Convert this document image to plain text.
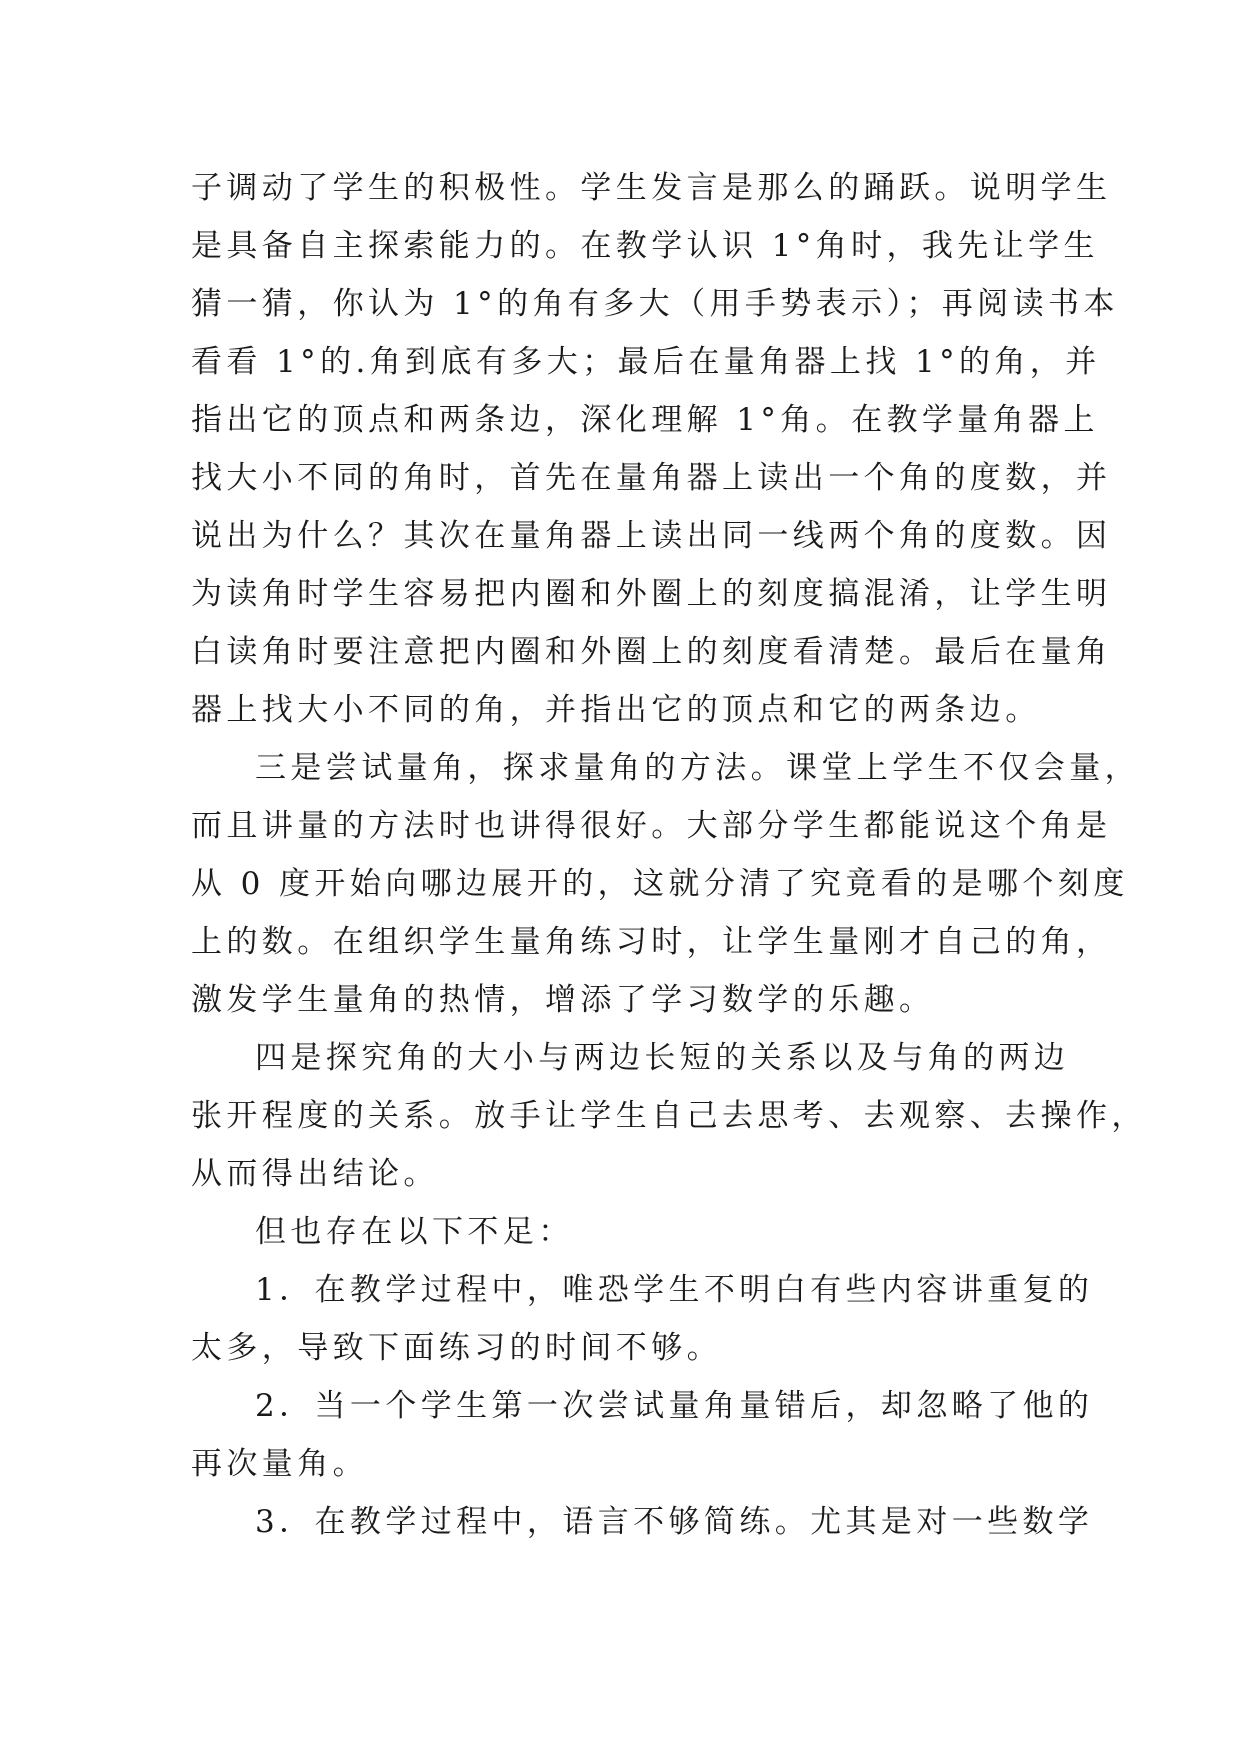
子调动了学生的积极性。学生发言是那么的踊跃。说明学生
是具备自主探索能力的。在教学认识 1°角时，我先让学生
猜一猜，你认为 1°的角有多大（用手势表示）；再阅读书本
看看 1°的.角到底有多大；最后在量角器上找 1°的角，并
指出它的顶点和两条边，深化理解 1°角。在教学量角器上
找大小不同的角时，首先在量角器上读出一个角的度数，并
说出为什么？其次在量角器上读出同一线两个角的度数。因
为读角时学生容易把内圈和外圈上的刻度搞混淆，让学生明
白读角时要注意把内圈和外圈上的刻度看清楚。最后在量角
器上找大小不同的角，并指出它的顶点和它的两条边。
三是尝试量角，探求量角的方法。课堂上学生不仅会量，
而且讲量的方法时也讲得很好。大部分学生都能说这个角是
从 0 度开始向哪边展开的，这就分清了究竟看的是哪个刻度
上的数。在组织学生量角练习时，让学生量刚才自己的角，
激发学生量角的热情，增添了学习数学的乐趣。
四是探究角的大小与两边长短的关系以及与角的两边
张开程度的关系。放手让学生自己去思考、去观察、去操作，
从而得出结论。
但也存在以下不足：
1．在教学过程中，唯恐学生不明白有些内容讲重复的
太多，导致下面练习的时间不够。
2．当一个学生第一次尝试量角量错后，却忽略了他的
再次量角。
3．在教学过程中，语言不够简练。尤其是对一些数学
